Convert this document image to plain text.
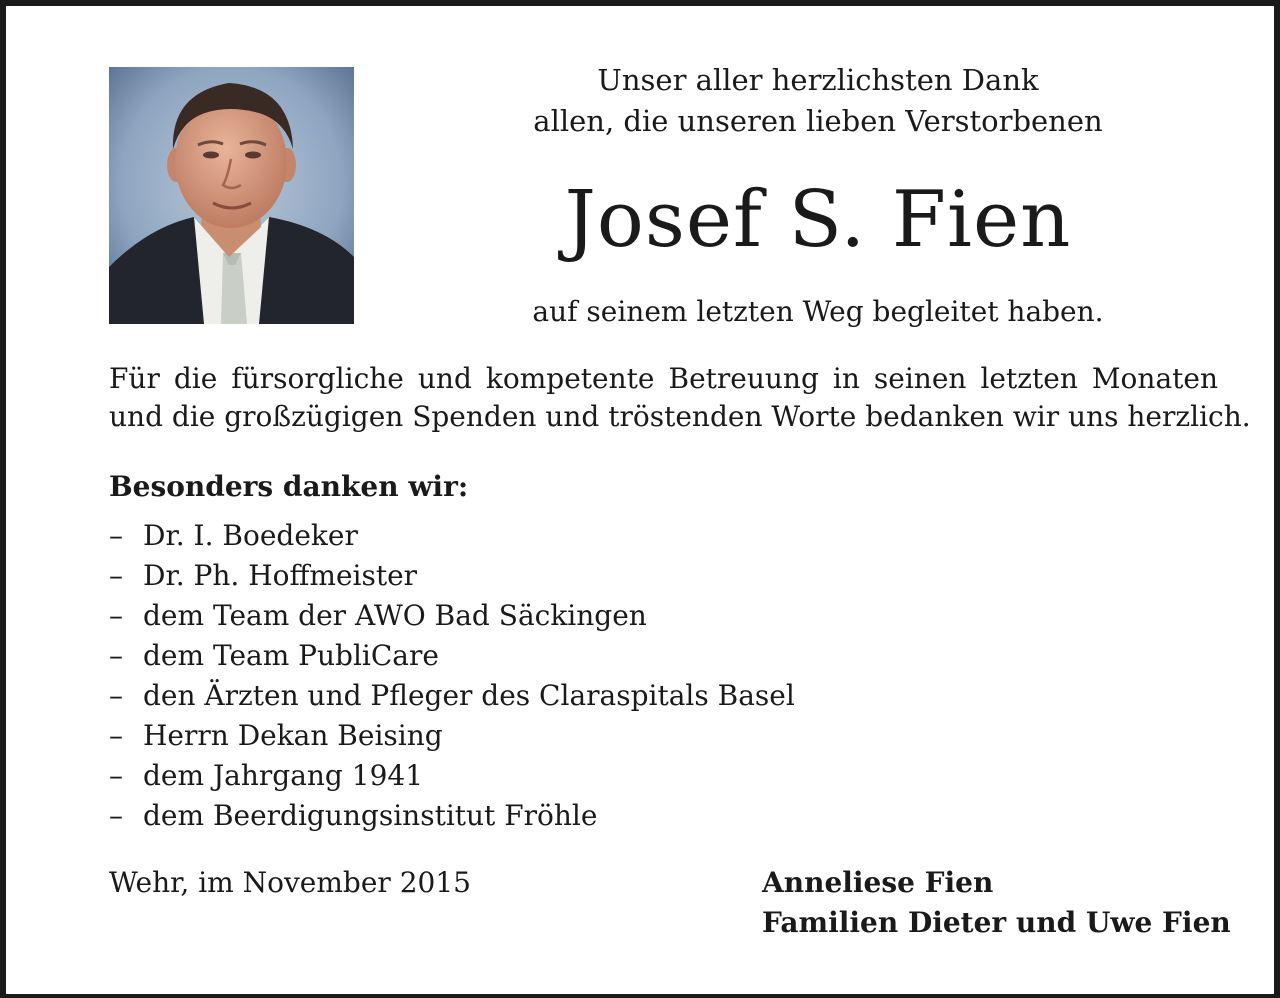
Unser aller herzlichsten Dank
allen, die unseren lieben Verstorbenen
Josef S. Fien
auf seinem letzten Weg begleitet haben.
Für die fürsorgliche und kompetente Betreuung in seinen letzten Monaten
und die großzügigen Spenden und tröstenden Worte bedanken wir uns herzlich.
Besonders danken wir:
– Dr. I. Boedeker
– Dr. Ph. Hoffmeister
– dem Team der AWO Bad Säckingen
– dem Team PubliCare
– den Ärzten und Pfleger des Claraspitals Basel
– Herrn Dekan Beising
– dem Jahrgang 1941
– dem Beerdigungsinstitut Fröhle
Wehr, im November 2015	Anneliese Fien
Familien Dieter und Uwe Fien
